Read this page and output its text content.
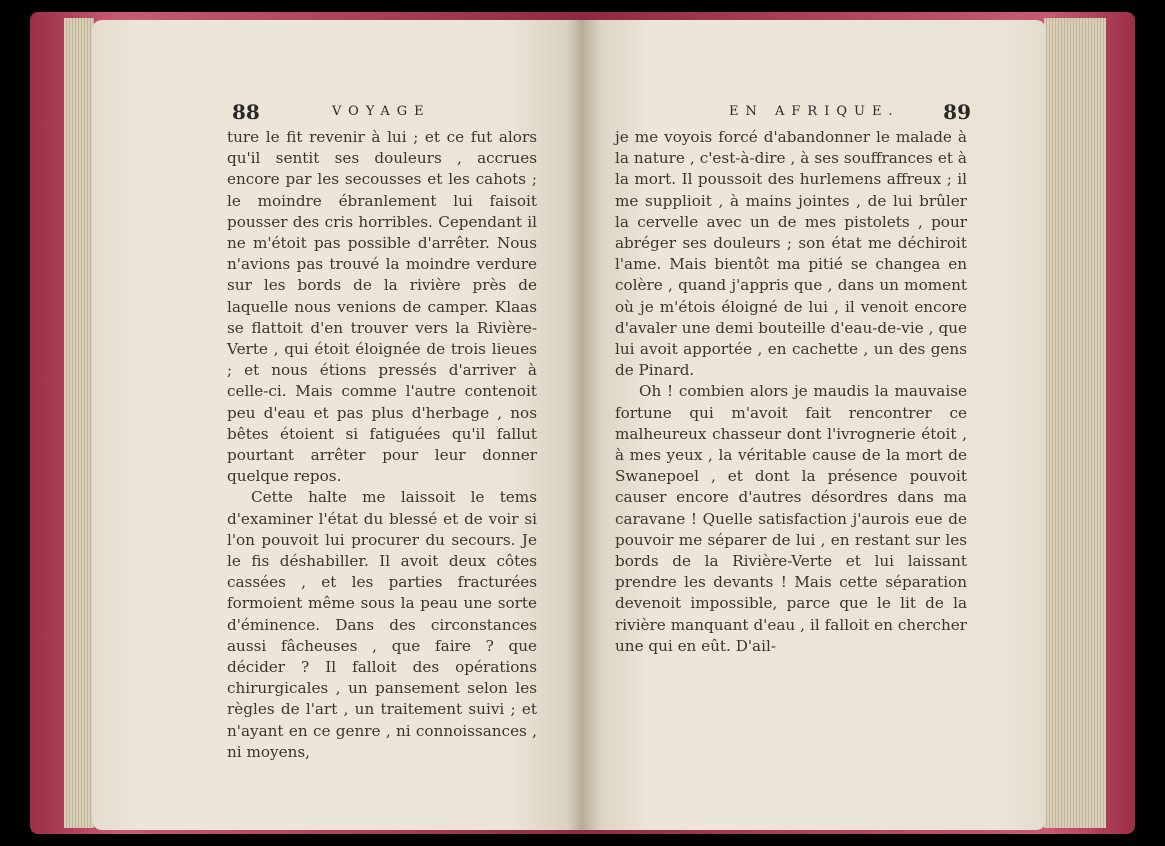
88	VOYAGE

ture le fit revenir à lui ; et ce fut alors qu'il sentit ses douleurs , accrues encore par les secousses et les cahots ; le moindre ébranlement lui faisoit pousser des cris horribles. Cependant il ne m'étoit pas possible d'arrêter. Nous n'avions pas trouvé la moindre verdure sur les bords de la rivière près de laquelle nous venions de camper. Klaas se flattoit d'en trouver vers la Rivière-Verte , qui étoit éloignée de trois lieues ; et nous étions pressés d'arriver à celle-ci. Mais comme l'autre contenoit peu d'eau et pas plus d'herbage , nos bêtes étoient si fatiguées qu'il fallut pourtant arrêter pour leur donner quelque repos.

Cette halte me laissoit le tems d'examiner l'état du blessé et de voir si l'on pouvoit lui procurer du secours. Je le fis déshabiller. Il avoit deux côtes cassées , et les parties fracturées formoient même sous la peau une sorte d'éminence. Dans des circonstances aussi fâcheuses , que faire ? que décider ? Il falloit des opérations chirurgicales , un pansement selon les règles de l'art , un traitement suivi ; et n'ayant en ce genre , ni connoissances , ni moyens,

EN AFRIQUE. 89

je me voyois forcé d'abandonner le malade à la nature , c'est-à-dire , à ses souffrances et à la mort. Il poussoit des hurlemens affreux ; il me supplioit , à mains jointes , de lui brûler la cervelle avec un de mes pistolets , pour abréger ses douleurs ; son état me déchiroit l'ame. Mais bientôt ma pitié se changea en colère , quand j'appris que , dans un moment où je m'étois éloigné de lui , il venoit encore d'avaler une demi bouteille d'eau-de-vie , que lui avoit apportée , en cachette , un des gens de Pinard.

Oh ! combien alors je maudis la mauvaise fortune qui m'avoit fait rencontrer ce malheureux chasseur dont l'ivrognerie étoit , à mes yeux , la véritable cause de la mort de Swanepoel , et dont la présence pouvoit causer encore d'autres désordres dans ma caravane ! Quelle satisfaction j'aurois eue de pouvoir me séparer de lui , en restant sur les bords de la Rivière-Verte et lui laissant prendre les devants ! Mais cette séparation devenoit impossible, parce que le lit de la rivière manquant d'eau , il falloit en chercher une qui en eût. D'ail-
